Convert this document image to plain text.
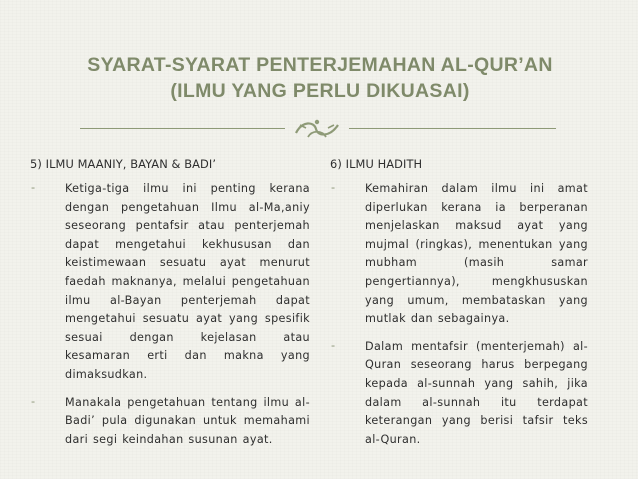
SYARAT-SYARAT PENTERJEMAHAN AL-QUR’AN
(ILMU YANG PERLU DIKUASAI)
5) ILMU MAANIY, BAYAN & BADI’
-	Ketiga-tiga ilmu ini penting kerana dengan pengetahuan Ilmu al-Ma,aniy seseorang pentafsir atau penterjemah dapat mengetahui kekhususan dan keistimewaan sesuatu ayat menurut faedah maknanya, melalui pengetahuan ilmu al-Bayan penterjemah dapat mengetahui sesuatu ayat yang spesifik sesuai dengan kejelasan atau kesamaran erti dan makna yang dimaksudkan.
-	Manakala pengetahuan tentang ilmu al-Badi’ pula digunakan untuk memahami dari segi keindahan susunan ayat.
6) ILMU HADITH
-	Kemahiran dalam ilmu ini amat diperlukan kerana ia berperanan menjelaskan maksud ayat yang mujmal (ringkas), menentukan yang mubham (masih samar pengertiannya), mengkhususkan yang umum, membataskan yang mutlak dan sebagainya.
-	Dalam mentafsir (menterjemah) al-Quran seseorang harus berpegang kepada al-sunnah yang sahih, jika dalam al-sunnah itu terdapat keterangan yang berisi tafsir teks al-Quran.
